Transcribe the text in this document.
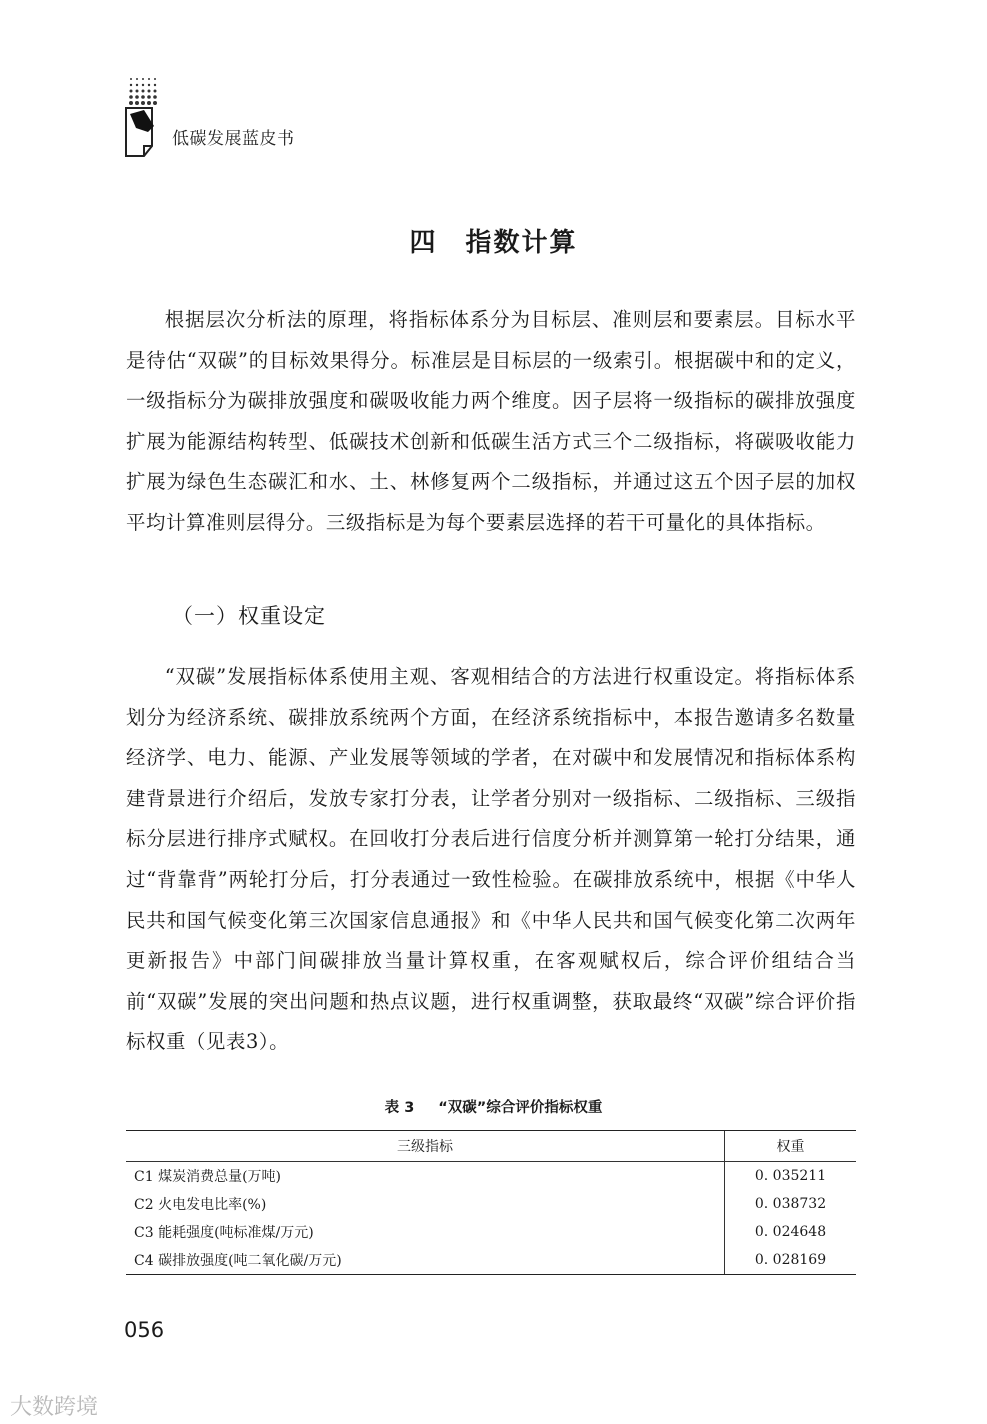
低碳发展蓝皮书
四 指数计算

根据层次分析法的原理，将指标体系分为目标层、准则层和要素层。目标水平是待估“双碳”的目标效果得分。标准层是目标层的一级索引。根据碳中和的定义，一级指标分为碳排放强度和碳吸收能力两个维度。因子层将一级指标的碳排放强度扩展为能源结构转型、低碳技术创新和低碳生活方式三个二级指标，将碳吸收能力扩展为绿色生态碳汇和水、土、林修复两个二级指标，并通过这五个因子层的加权平均计算准则层得分。三级指标是为每个要素层选择的若干可量化的具体指标。

（一）权重设定

“双碳”发展指标体系使用主观、客观相结合的方法进行权重设定。将指标体系划分为经济系统、碳排放系统两个方面，在经济系统指标中，本报告邀请多名数量经济学、电力、能源、产业发展等领域的学者，在对碳中和发展情况和指标体系构建背景进行介绍后，发放专家打分表，让学者分别对一级指标、二级指标、三级指标分层进行排序式赋权。在回收打分表后进行信度分析并测算第一轮打分结果，通过“背靠背”两轮打分后，打分表通过一致性检验。在碳排放系统中，根据《中华人民共和国气候变化第三次国家信息通报》和《中华人民共和国气候变化第二次两年更新报告》中部门间碳排放当量计算权重，在客观赋权后，综合评价组结合当前“双碳”发展的突出问题和热点议题，进行权重调整，获取最终“双碳”综合评价指标权重（见表3）。

表 3 “双碳”综合评价指标权重
三级指标	权重
C1 煤炭消费总量(万吨)	0. 035211
C2 火电发电比率(%)	0. 038732
C3 能耗强度(吨标准煤/万元)	0. 024648
C4 碳排放强度(吨二氧化碳/万元)	0. 028169
056
大数跨境
